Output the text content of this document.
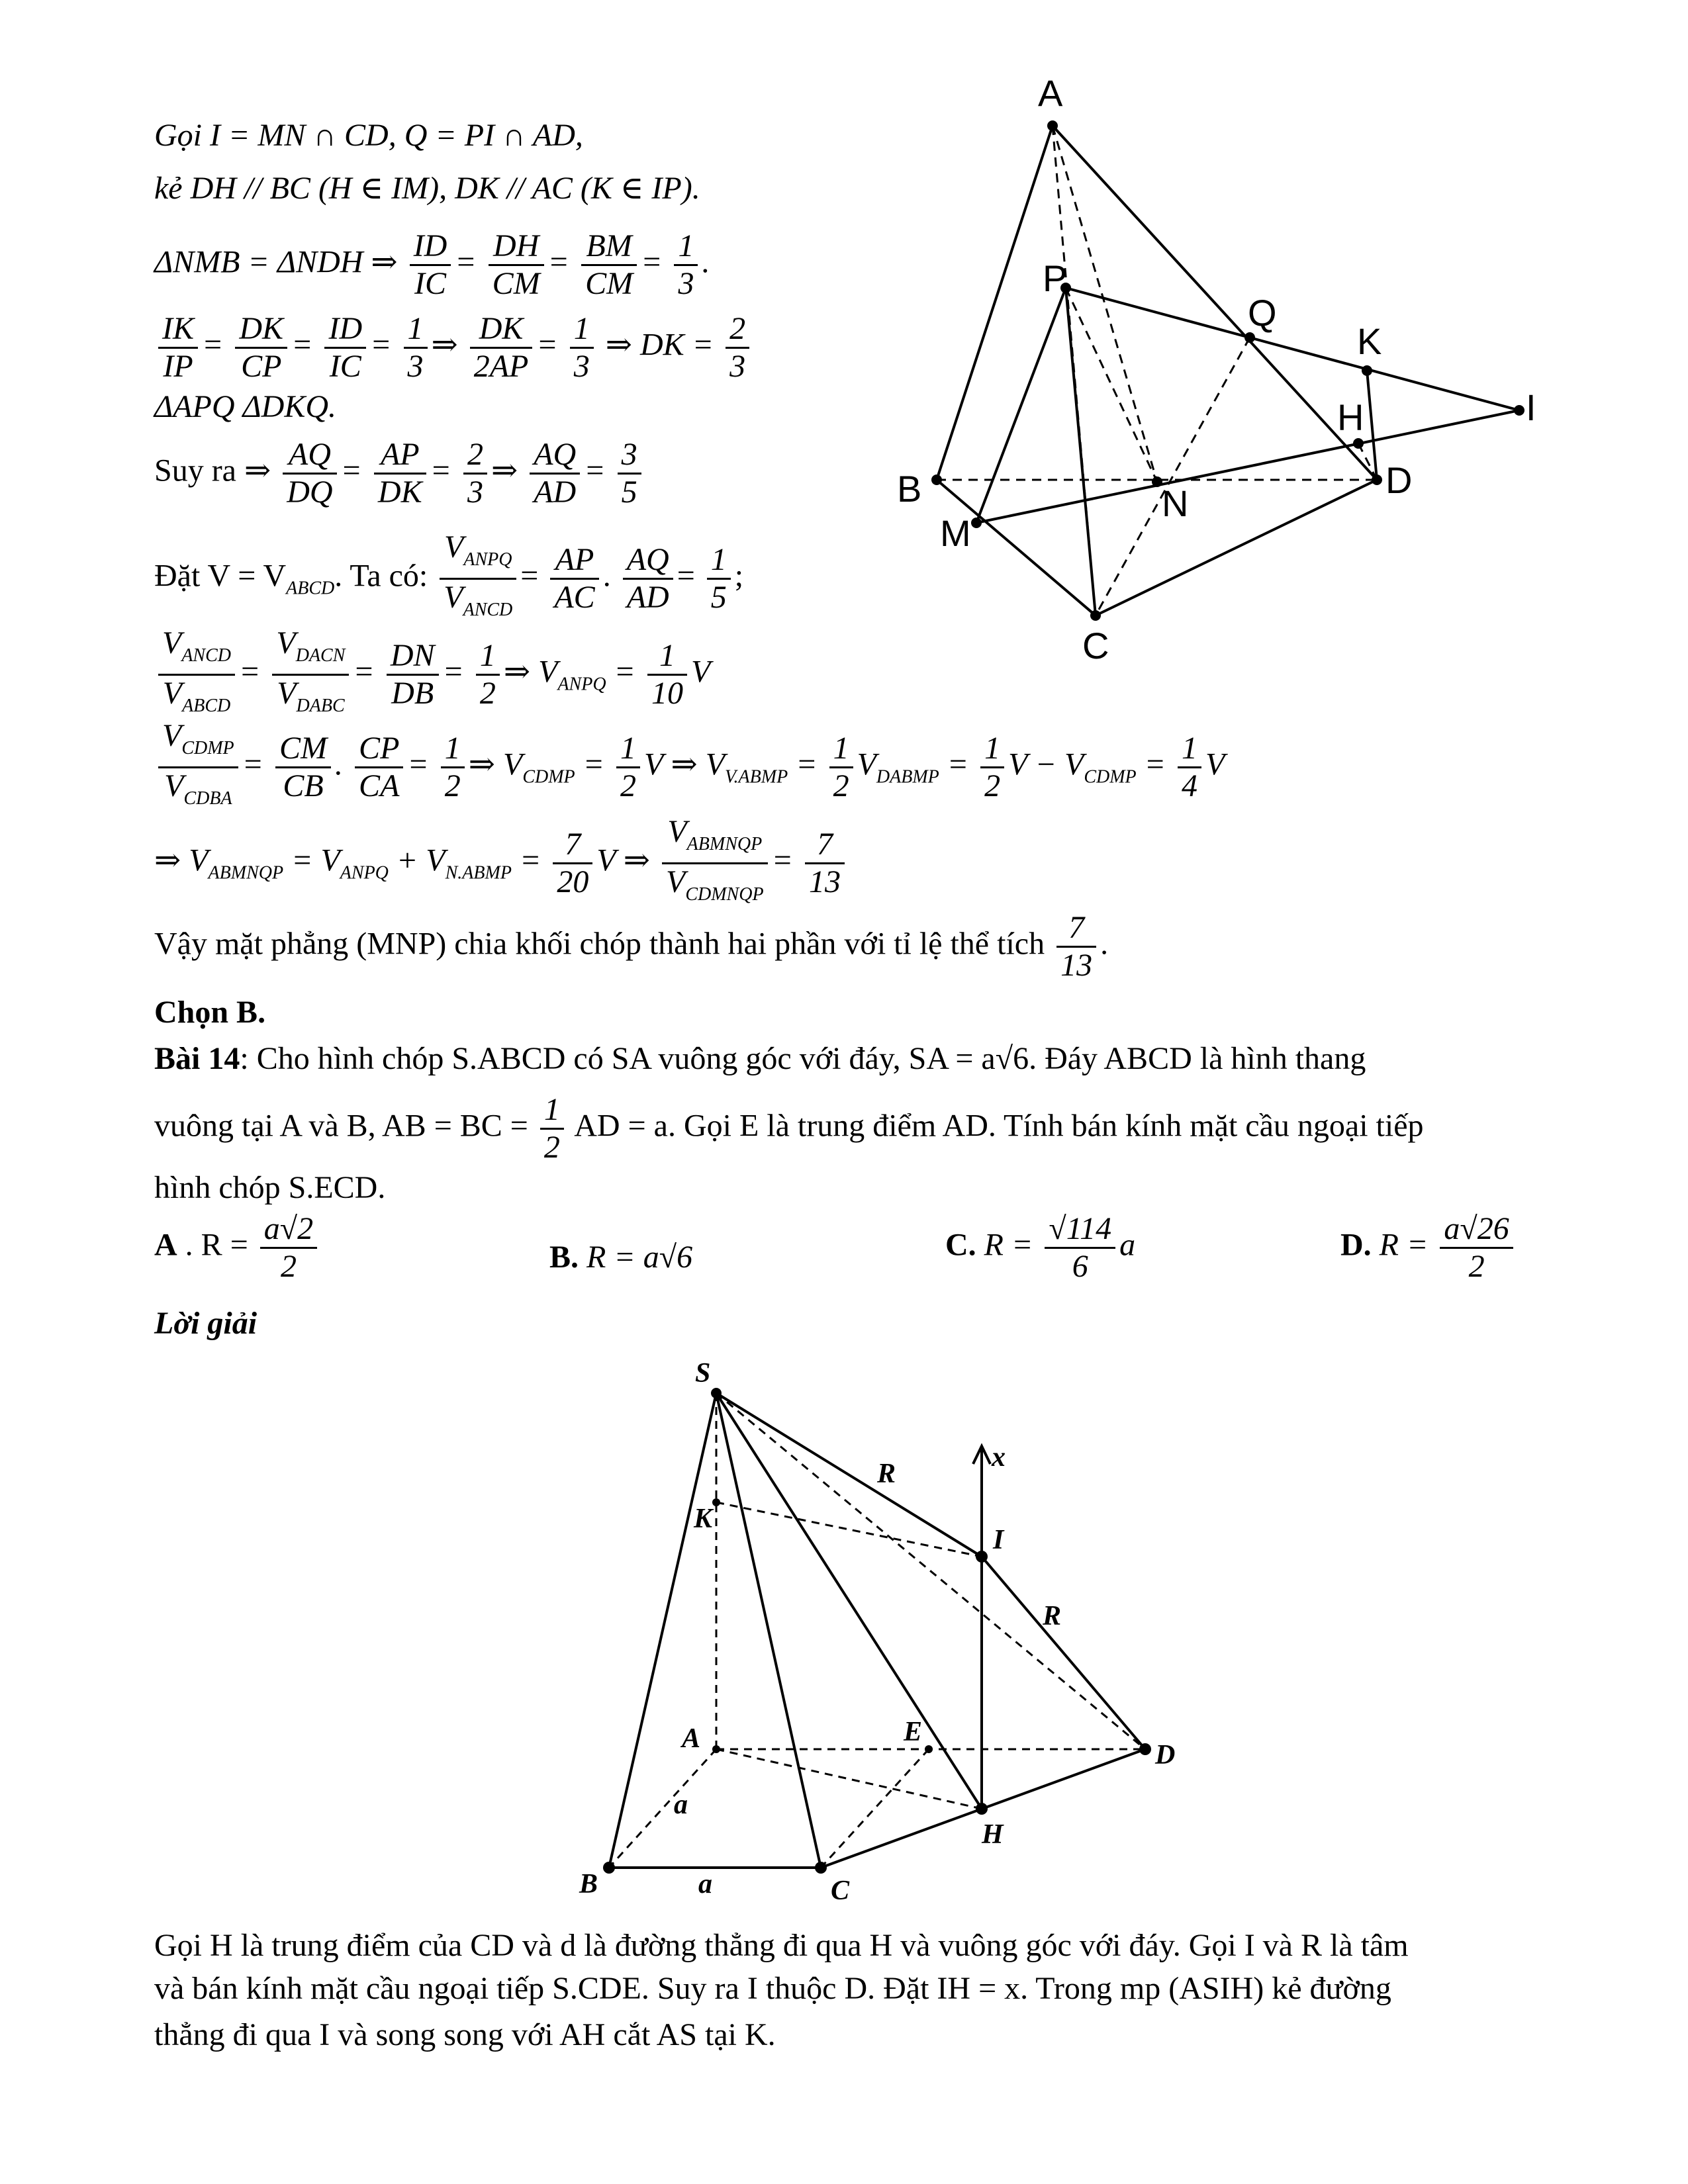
Gọi I = MN ∩ CD, Q = PI ∩ AD,
kẻ DH // BC (H ∈ IM), DK // AC (K ∈ IP).
ΔNMB = ΔNDH ⇒ $\frac{ID}{IC} = \frac{DH}{CM} = \frac{BM}{CM} = \frac{1}{3}$ .
$\frac{IK}{IP} = \frac{DK}{CP} = \frac{ID}{IC} = \frac{1}{3}$ ⇒ $\frac{DK}{2AP} = \frac{1}{3}$ ⇒ DK = $\frac{2}{3}$
ΔAPQ ΔDKQ.
Suy ra ⇒ $\frac{AQ}{DQ} = \frac{AP}{DK} = \frac{2}{3}$ ⇒ $\frac{AQ}{AD} = \frac{3}{5}$
Đặt $V = V_{ABCD}$. Ta có: $\frac{V_{ANPQ}}{V_{ANCD}} = \frac{AP}{AC}$ . $\frac{AQ}{AD} = \frac{1}{5}$ ;
$\frac{V_{ANCD}}{V_{ABCD}} = \frac{V_{DACN}}{V_{DABC}} = \frac{DN}{DB} = \frac{1}{2}$ ⇒ $V_{ANPQ} = \frac{1}{10}$ V
$\frac{V_{CDMP}}{V_{CDBA}} = \frac{CM}{CB}$ . $\frac{CP}{CA} = \frac{1}{2}$ ⇒ $V_{CDMP} = \frac{1}{2}$ V ⇒ $V_{V.ABMP} = \frac{1}{2} V_{DABMP} = \frac{1}{2}$ $V - V_{CDMP} = \frac{1}{4}$ V
⇒ $V_{ABMNQP} = V_{ANPQ} + V_{N.ABMP} = \frac{7}{20}$ V ⇒ $\frac{V_{ABMNQP}}{V_{CDMNQP}} = \frac{7}{13}$
Vậy mặt phẳng (MNP) chia khối chóp thành hai phần với tỉ lệ thể tích $\frac{7}{13}$ .
Chọn B.
Bài 14: Cho hình chóp S.ABCD có SA vuông góc với đáy, SA = a√6. Đáy ABCD là hình thang
vuông tại A và B, AB = BC = $\frac{1}{2}$ AD = a. Gọi E là trung điểm AD. Tính bán kính mặt cầu ngoại tiếp
hình chóp S.ECD.
A . $R = \frac{a√2}{2}$	B. R = a√6	C. $R = \frac{√114}{6}$ a	D. $R = \frac{a√26}{2}$
Lời giải
Gọi H là trung điểm của CD và d là đường thẳng đi qua H và vuông góc với đáy. Gọi I và R là tâm
và bán kính mặt cầu ngoại tiếp S.CDE. Suy ra I thuộc D. Đặt IH = x. Trong mp (ASIH) kẻ đường
thẳng đi qua I và song song với AH cắt AS tại K.
A
P
Q
K
H	I
B	N
D
M
C
S
x
R
K
I
R
A	E
D
a
H
B	a	C
